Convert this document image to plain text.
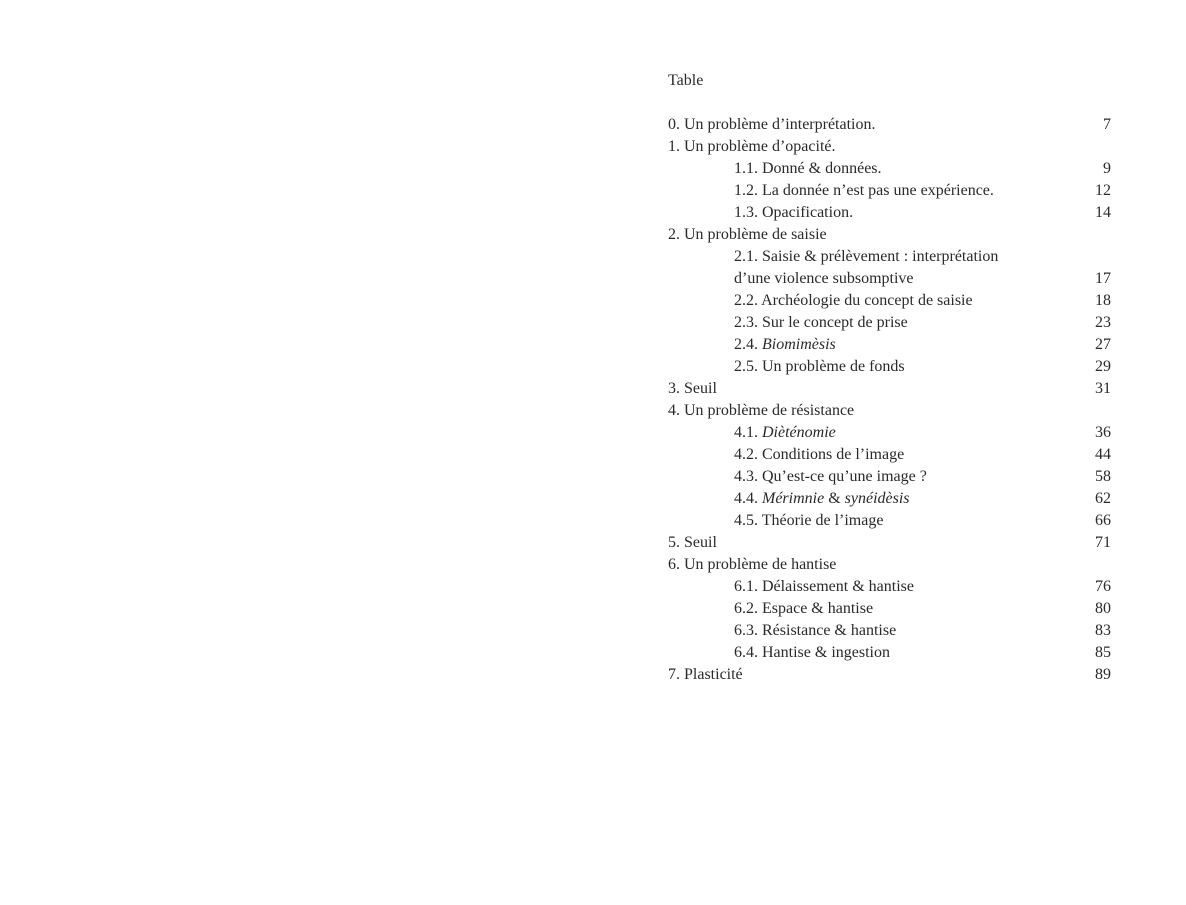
Table
0. Un problème d’interprétation.	7
1. Un problème d’opacité.
1.1. Donné & données.	9
1.2. La donnée n’est pas une expérience.	12
1.3. Opacification.	14
2. Un problème de saisie
2.1. Saisie & prélèvement : interprétation
d’une violence subsomptive	17
2.2. Archéologie du concept de saisie	18
2.3. Sur le concept de prise	23
2.4. Biomimèsis	27
2.5. Un problème de fonds	29
3. Seuil	31
4. Un problème de résistance
4.1. Dièténomie	36
4.2. Conditions de l’image	44
4.3. Qu’est-ce qu’une image ?	58
4.4. Mérimnie & synéidèsis	62
4.5. Théorie de l’image	66
5. Seuil	71
6. Un problème de hantise
6.1. Délaissement & hantise	76
6.2. Espace & hantise	80
6.3. Résistance & hantise	83
6.4. Hantise & ingestion	85
7. Plasticité	89
